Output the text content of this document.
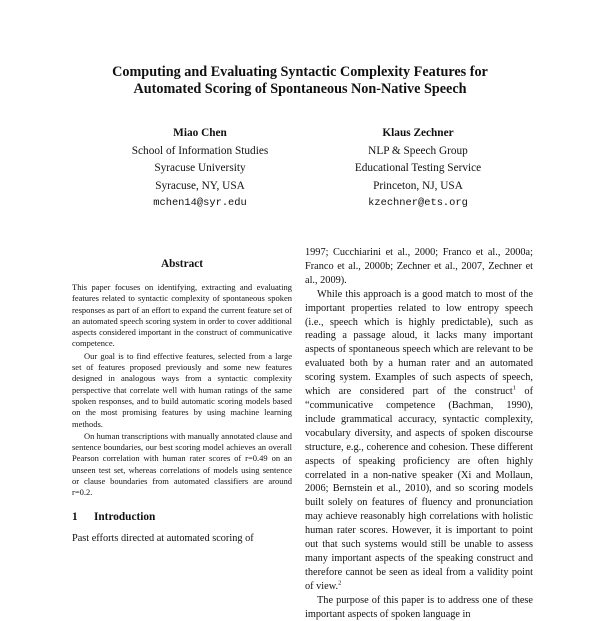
Computing and Evaluating Syntactic Complexity Features for
Automated Scoring of Spontaneous Non-Native Speech
Miao Chen
School of Information Studies
Syracuse University
Syracuse, NY, USA
mchen14@syr.edu
Klaus Zechner
NLP & Speech Group
Educational Testing Service
Princeton, NJ, USA
kzechner@ets.org
Abstract

This paper focuses on identifying, extracting and evaluating features related to syntactic complexity of spontaneous spoken responses as part of an effort to expand the current feature set of an automated speech scoring system in order to cover additional aspects considered important in the construct of communicative competence.

Our goal is to find effective features, selected from a large set of features proposed previously and some new features designed in analogous ways from a syntactic complexity perspective that correlate well with human ratings of the same spoken responses, and to build automatic scoring models based on the most promising features by using machine learning methods.

On human transcriptions with manually annotated clause and sentence boundaries, our best scoring model achieves an overall Pearson correlation with human rater scores of r=0.49 on an unseen test set, whereas correlations of models using sentence or clause boundaries from automated classifiers are around r=0.2.

1 Introduction

Past efforts directed at automated scoring of

1997; Cucchiarini et al., 2000; Franco et al., 2000a; Franco et al., 2000b; Zechner et al., 2007, Zechner et al., 2009).

While this approach is a good match to most of the important properties related to low entropy speech (i.e., speech which is highly predictable), such as reading a passage aloud, it lacks many important aspects of spontaneous speech which are relevant to be evaluated both by a human rater and an automated scoring system. Examples of such aspects of speech, which are considered part of the construct$^1$ of “communicative competence (Bachman, 1990), include grammatical accuracy, syntactic complexity, vocabulary diversity, and aspects of spoken discourse structure, e.g., coherence and cohesion. These different aspects of speaking proficiency are often highly correlated in a non-native speaker (Xi and Mollaun, 2006; Bernstein et al., 2010), and so scoring models built solely on features of fluency and pronunciation may achieve reasonably high correlations with holistic human rater scores. However, it is important to point out that such systems would still be unable to assess many important aspects of the speaking construct and therefore cannot be seen as ideal from a validity point of view.$^2$

The purpose of this paper is to address one of these important aspects of spoken language in
